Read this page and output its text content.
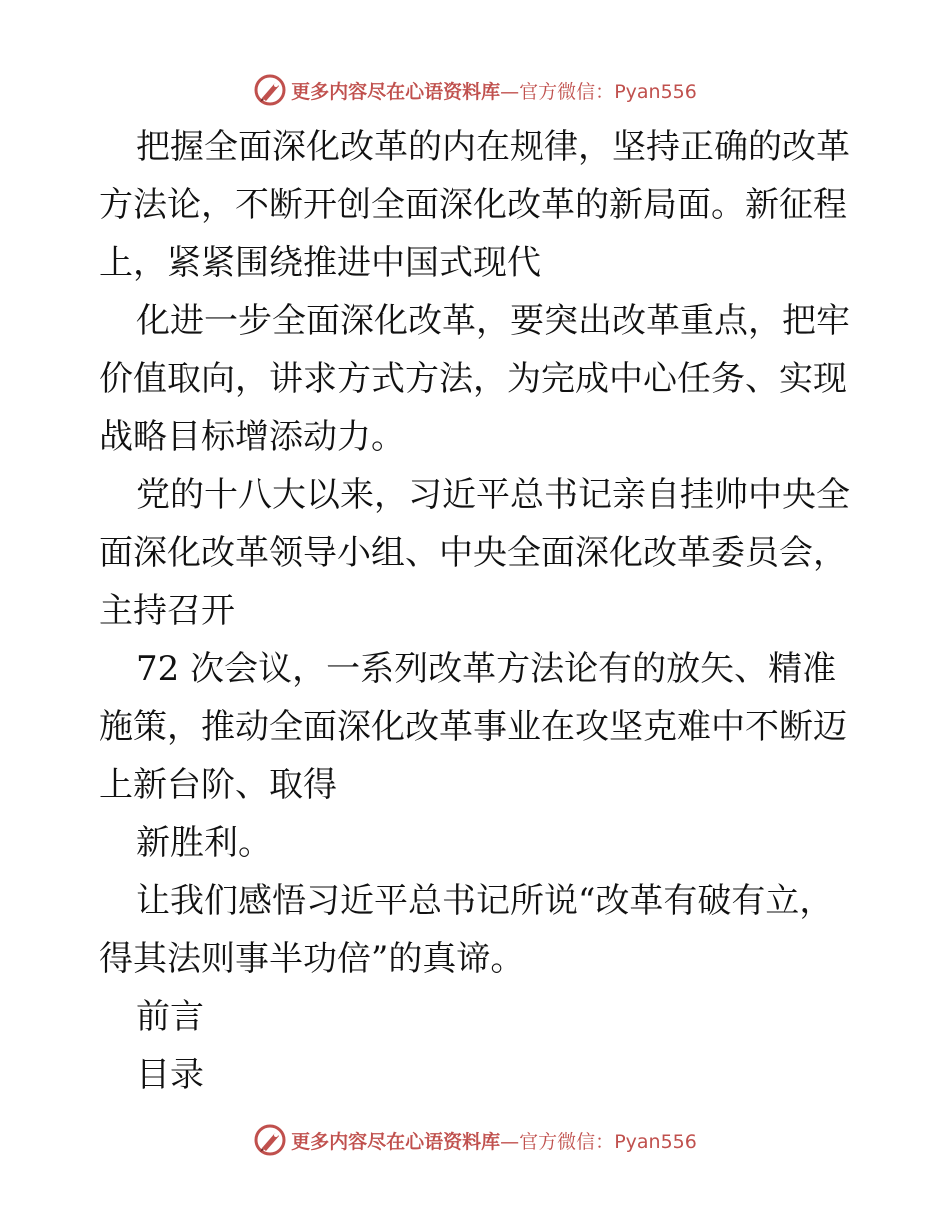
更多内容尽在心语资料库—官方微信：Pyan556
把握全面深化改革的内在规律，坚持正确的改革
方法论，不断开创全面深化改革的新局面。新征程
上，紧紧围绕推进中国式现代
化进一步全面深化改革，要突出改革重点，把牢
价值取向，讲求方式方法，为完成中心任务、实现
战略目标增添动力。
党的十八大以来，习近平总书记亲自挂帅中央全
面深化改革领导小组、中央全面深化改革委员会，
主持召开
72 次会议，一系列改革方法论有的放矢、精准
施策，推动全面深化改革事业在攻坚克难中不断迈
上新台阶、取得
新胜利。
让我们感悟习近平总书记所说“改革有破有立，
得其法则事半功倍”的真谛。
前言
目录
更多内容尽在心语资料库—官方微信：Pyan556
